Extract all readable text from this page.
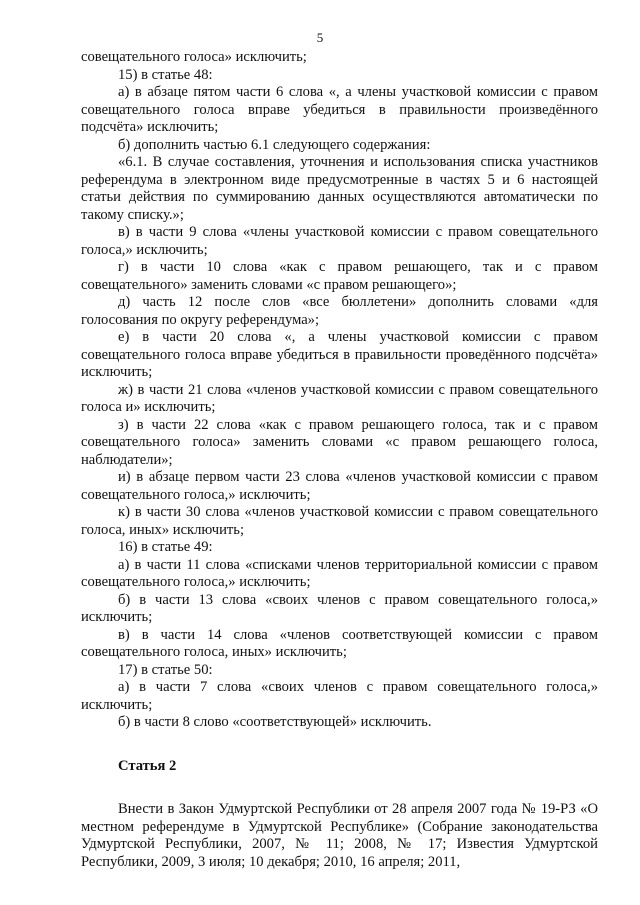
5

совещательного голоса» исключить;

15) в статье 48:

а) в абзаце пятом части 6 слова «, а члены участковой комиссии с правом совещательного голоса вправе убедиться в правильности произведённого подсчёта» исключить;

б) дополнить частью 6.1 следующего содержания:

«6.1. В случае составления, уточнения и использования списка участников референдума в электронном виде предусмотренные в частях 5 и 6 настоящей статьи действия по суммированию данных осуществляются автоматически по такому списку.»;

в) в части 9 слова «члены участковой комиссии с правом совещательного голоса,» исключить;

г) в части 10 слова «как с правом решающего, так и с правом совещательного» заменить словами «с правом решающего»;

д) часть 12 после слов «все бюллетени» дополнить словами «для голосования по округу референдума»;

е) в части 20 слова «, а члены участковой комиссии с правом совещательного голоса вправе убедиться в правильности проведённого подсчёта» исключить;

ж) в части 21 слова «членов участковой комиссии с правом совещательного голоса и» исключить;

з) в части 22 слова «как с правом решающего голоса, так и с правом совещательного голоса» заменить словами «с правом решающего голоса, наблюдатели»;

и) в абзаце первом части 23 слова «членов участковой комиссии с правом совещательного голоса,» исключить;

к) в части 30 слова «членов участковой комиссии с правом совещательного голоса, иных» исключить;

16) в статье 49:

а) в части 11 слова «списками членов территориальной комиссии с правом совещательного голоса,» исключить;

б) в части 13 слова «своих членов с правом совещательного голоса,» исключить;

в) в части 14 слова «членов соответствующей комиссии с правом совещательного голоса, иных» исключить;

17) в статье 50:

а) в части 7 слова «своих членов с правом совещательного голоса,» исключить;

б) в части 8 слово «соответствующей» исключить.

Статья 2

Внести в Закон Удмуртской Республики от 28 апреля 2007 года № 19-РЗ «О местном референдуме в Удмуртской Республике» (Собрание законодательства Удмуртской Республики, 2007, № 11; 2008, № 17; Известия Удмуртской Республики, 2009, 3 июля; 10 декабря; 2010, 16 апреля; 2011,
